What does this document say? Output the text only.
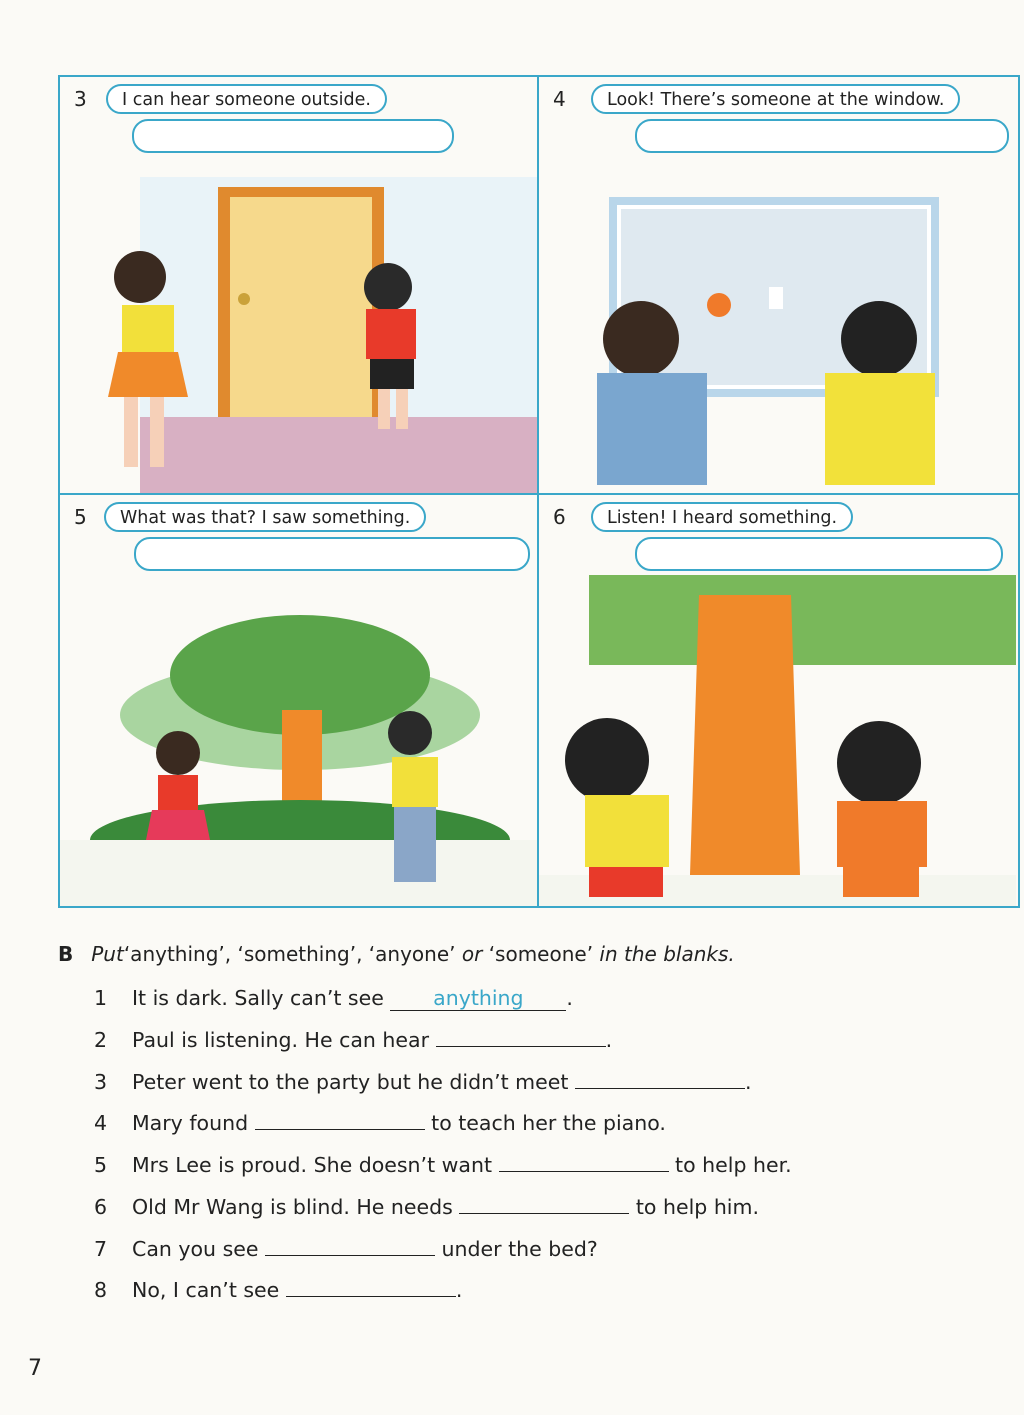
3	I can hear someone outside.	4	Look! There’s someone at the window.
5	What was that? I saw something.	6	Listen! I heard something.
B Put‘anything’, ‘something’, ‘anyone’ or ‘someone’ in the blanks.
1 It is dark. Sally can’t see anything .
2 Paul is listening. He can hear	.
3 Peter went to the party but he didn’t meet	.
4 Mary found	to teach her the piano.
5 Mrs Lee is proud. She doesn’t want	to help her.
6 Old Mr Wang is blind. He needs	to help him.
7 Can you see	under the bed?
8 No, I can’t see	.
7
